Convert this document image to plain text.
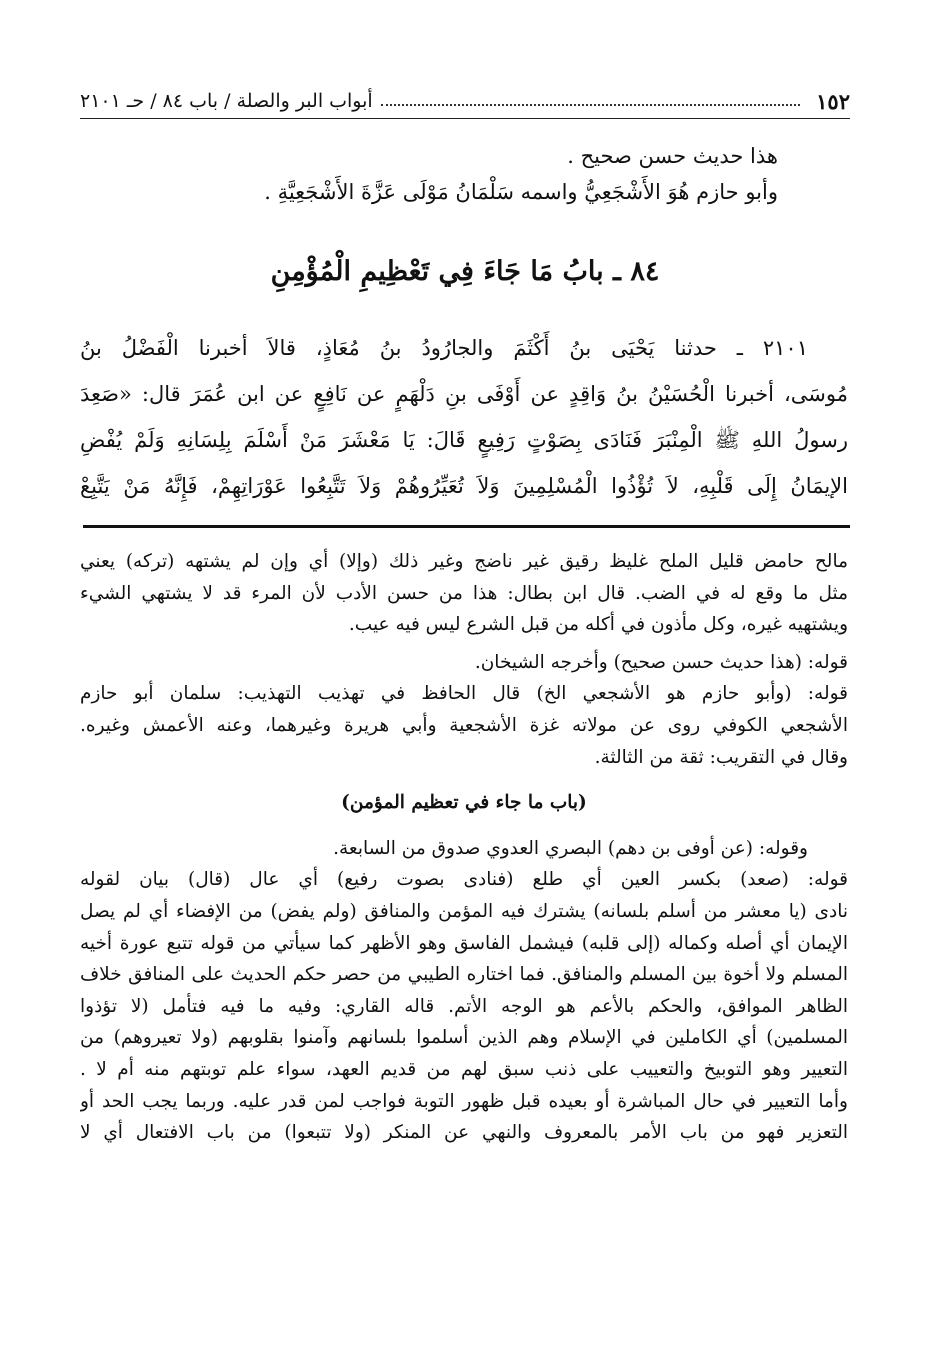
١٥٢
أبواب البر والصلة / باب ٨٤ / حـ ٢١٠١
هذا حديث حسن صحيح .
وأبو حازم هُوَ الأَشْجَعِيُّ واسمه سَلْمَانُ مَوْلَى عَزَّةَ الأَشْجَعِيَّةِ .
٨٤ ـ بابُ مَا جَاءَ فِي تَعْظِيمِ الْمُؤْمِنِ
٢١٠١ ـ حدثنا يَحْيَى بنُ أَكْثَمَ والجارُودُ بنُ مُعَاذٍ، قالاَ أخبرنا الْفَضْلُ بنُ
مُوسَى، أخبرنا الْحُسَيْنُ بنُ وَاقِدٍ عن أَوْفَى بنِ دَلْهَمٍ عن نَافِعٍ عن ابن عُمَرَ قال: «صَعِدَ
رسولُ اللهِ ﷺ الْمِنْبَرَ فَنَادَى بِصَوْتٍ رَفِيعٍ قَالَ: يَا مَعْشَرَ مَنْ أَسْلَمَ بِلِسَانِهِ وَلَمْ يُفْضِ
الإيمَانُ إِلَى قَلْبِهِ، لاَ تُؤْذُوا الْمُسْلِمِينَ وَلاَ تُعَيِّرُوهُمْ وَلاَ تَتَّبِعُوا عَوْرَاتِهِمْ، فَإِنَّهُ مَنْ يَتَّبِعْ
مالح حامض قليل الملح غليظ رقيق غير ناضج وغير ذلك (وإلا) أي وإن لم يشتهه (تركه) يعني
مثل ما وقع له في الضب. قال ابن بطال: هذا من حسن الأدب لأن المرء قد لا يشتهي الشيء
ويشتهيه غيره، وكل مأذون في أكله من قبل الشرع ليس فيه عيب.
قوله: (هذا حديث حسن صحيح) وأخرجه الشيخان.
قوله: (وأبو حازم هو الأشجعي الخ) قال الحافظ في تهذيب التهذيب: سلمان أبو حازم
الأشجعي الكوفي روى عن مولاته غزة الأشجعية وأبي هريرة وغيرهما، وعنه الأعمش وغيره.
وقال في التقريب: ثقة من الثالثة.
(باب ما جاء في تعظيم المؤمن)
وقوله: (عن أوفى بن دهم) البصري العدوي صدوق من السابعة.
قوله: (صعد) بكسر العين أي طلع (فنادى بصوت رفيع) أي عال (قال) بيان لقوله
نادى (يا معشر من أسلم بلسانه) يشترك فيه المؤمن والمنافق (ولم يفض) من الإفضاء أي لم يصل
الإيمان أي أصله وكماله (إلى قلبه) فيشمل الفاسق وهو الأظهر كما سيأتي من قوله تتبع عورة أخيه
المسلم ولا أخوة بين المسلم والمنافق. فما اختاره الطيبي من حصر حكم الحديث على المنافق خلاف
الظاهر الموافق، والحكم بالأعم هو الوجه الأتم. قاله القاري: وفيه ما فيه فتأمل (لا تؤذوا
المسلمين) أي الكاملين في الإسلام وهم الذين أسلموا بلسانهم وآمنوا بقلوبهم (ولا تعيروهم) من
التعيير وهو التوبيخ والتعييب على ذنب سبق لهم من قديم العهد، سواء علم توبتهم منه أم لا .
وأما التعيير في حال المباشرة أو بعيده قبل ظهور التوبة فواجب لمن قدر عليه. وربما يجب الحد أو
التعزير فهو من باب الأمر بالمعروف والنهي عن المنكر (ولا تتبعوا) من باب الافتعال أي لا
